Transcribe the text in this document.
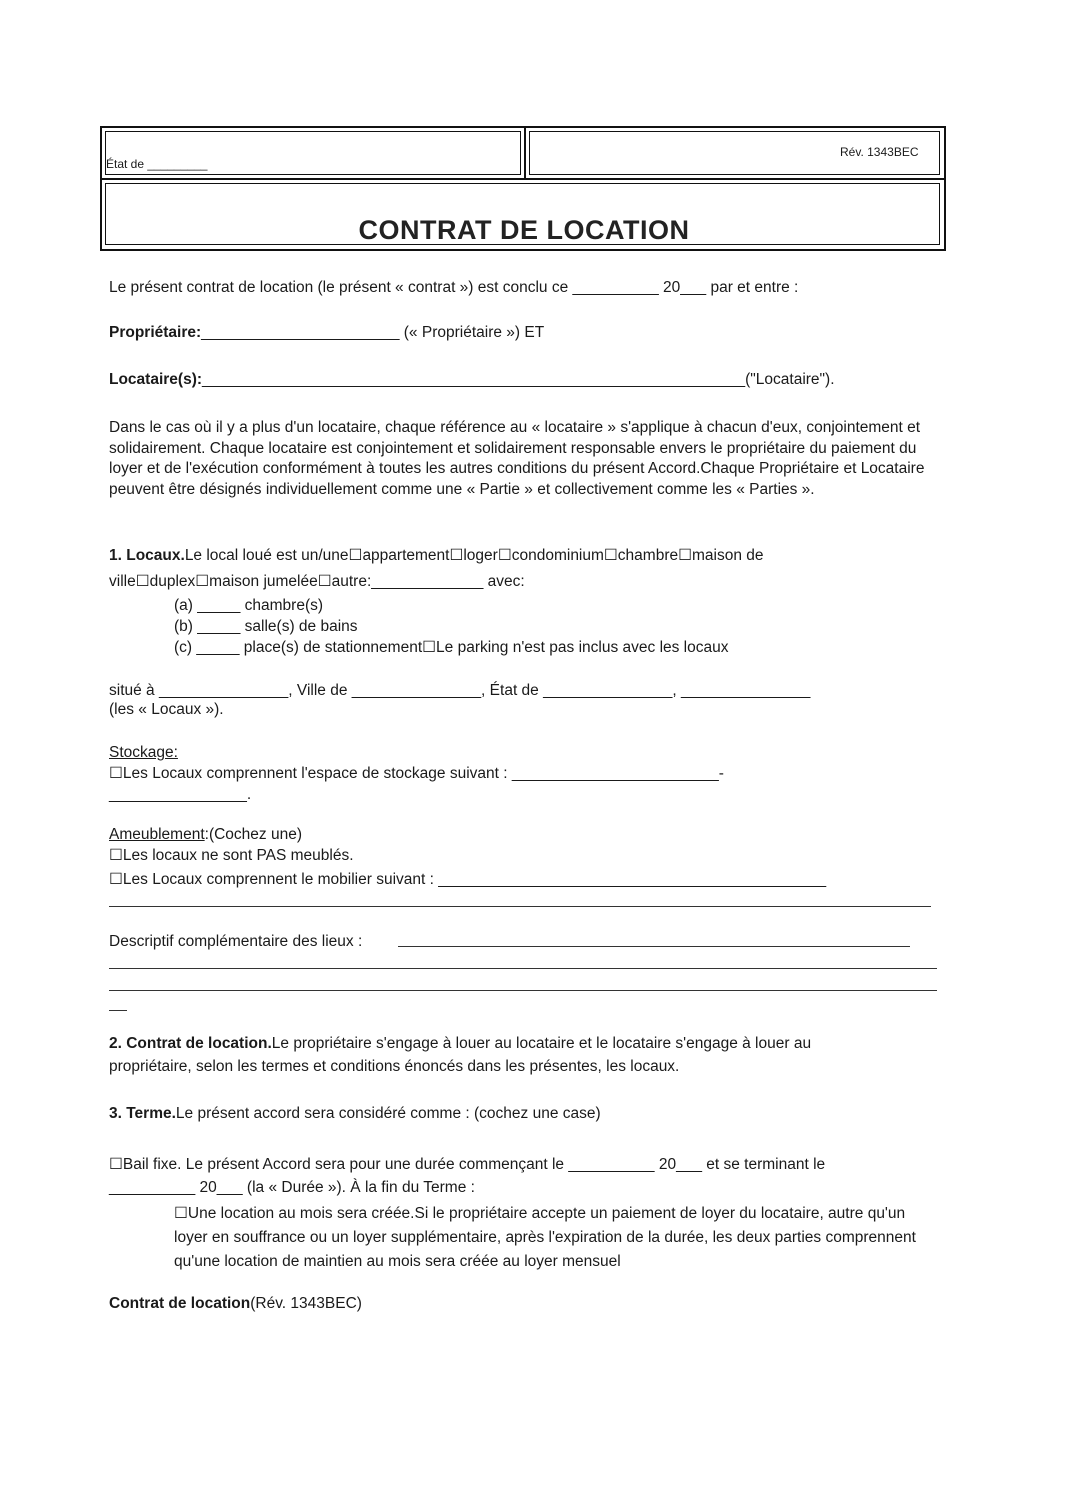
État de _________
Rév. 1343BEC
CONTRAT DE LOCATION
Le présent contrat de location (le présent « contrat ») est conclu ce __________ 20___ par et entre :
Propriétaire:_______________________ (« Propriétaire ») ET
Locataire(s):_______________________________________________________________("Locataire").
Dans le cas où il y a plus d'un locataire, chaque référence au « locataire » s'applique à chacun d'eux, conjointement et solidairement. Chaque locataire est conjointement et solidairement responsable envers le propriétaire du paiement du loyer et de l'exécution conformément à toutes les autres conditions du présent Accord.Chaque Propriétaire et Locataire peuvent être désignés individuellement comme une « Partie » et collectivement comme les « Parties ».
1. Locaux.Le local loué est un/une☐appartement☐loger☐condominium☐chambre☐maison de
ville☐duplex☐maison jumelée☐autre:_____________ avec:
(a) _____ chambre(s)
(b) _____ salle(s) de bains
(c) _____ place(s) de stationnement☐Le parking n'est pas inclus avec les locaux
situé à _______________, Ville de _______________, État de _______________, _______________
(les « Locaux »).
Stockage:
☐Les Locaux comprennent l'espace de stockage suivant : ________________________-
________________.
Ameublement:(Cochez une)
☐Les locaux ne sont PAS meublés.
☐Les Locaux comprennent le mobilier suivant : _____________________________________________
Descriptif complémentaire des lieux :
2. Contrat de location.Le propriétaire s'engage à louer au locataire et le locataire s'engage à louer au
propriétaire, selon les termes et conditions énoncés dans les présentes, les locaux.
3. Terme.Le présent accord sera considéré comme : (cochez une case)
☐Bail fixe. Le présent Accord sera pour une durée commençant le __________ 20___ et se terminant le
__________ 20___ (la « Durée »). À la fin du Terme :
☐Une location au mois sera créée.Si le propriétaire accepte un paiement de loyer du locataire, autre qu'un loyer en souffrance ou un loyer supplémentaire, après l'expiration de la durée, les deux parties comprennent qu'une location de maintien au mois sera créée au loyer mensuel
Contrat de location(Rév. 1343BEC)
